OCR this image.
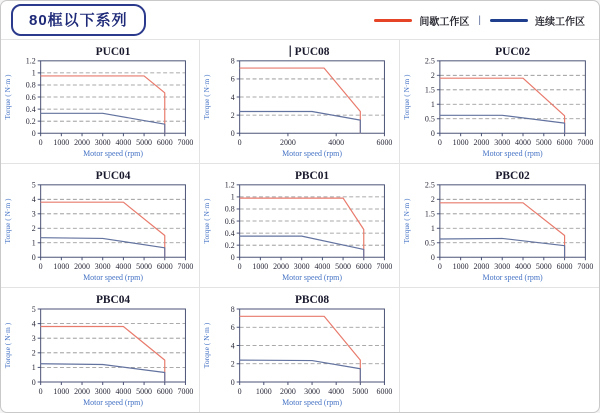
80框以下系列	间歇工作区 |	连续工作区
0
0.2
0.4
0.6
0.8
1
1.2
0 1000 2000 3000 4000 5000 6000 7000
PUC01
Motor speed (rpm)
Torque ( N·m )
0
2
4
6
8
0	2000	4000	6000
PUC08
Motor speed (rpm)
Torque ( N·m )
0
0.5
1
1.5
2
2.5
0 1000 2000 3000 4000 5000 6000 7000
PUC02
Motor speed (rpm)
Torque ( N·m )
0
1
2
3
4
5
0 1000 2000 3000 4000 5000 6000 7000
PUC04
Motor speed (rpm)
Torque ( N·m )
0
0.2
0.4
0.6
0.8
1
1.2
0 1000 2000 3000 4000 5000 6000 7000
PBC01
Motor speed (rpm)
Torque ( N·m )
0
0.5
1
1.5
2
2.5
0 1000 2000 3000 4000 5000 6000 7000
PBC02
Motor speed (rpm)
Torque ( N·m )
0
1
2
3
4
5
0 1000 2000 3000 4000 5000 6000 7000
PBC04
Motor speed (rpm)
Torque ( N·m )
0
2
4
6
8
0 1000 2000 3000 4000 5000 6000
PBC08
Motor speed (rpm)
Torque ( N·m )
